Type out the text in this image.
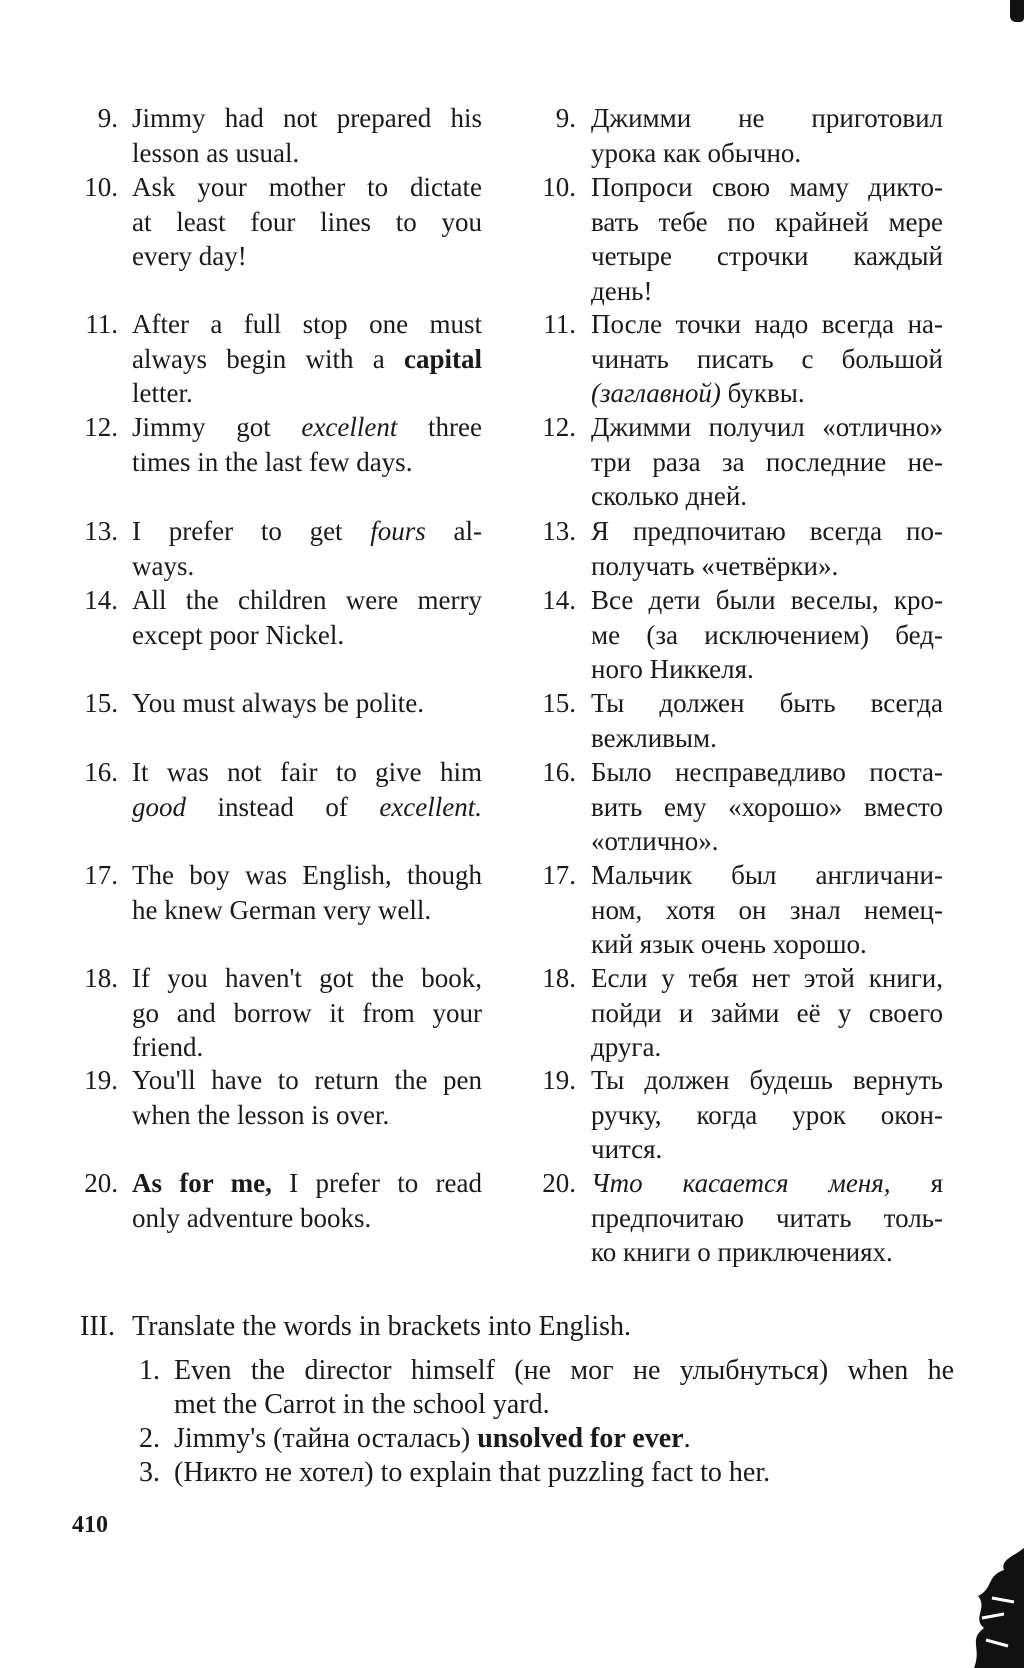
9. Jimmy had not prepared his
lesson as usual.
9. Джимми не приготовил
урока как обычно.
10. Ask your mother to dictate
at least four lines to you
every day!
10. Попроси свою маму дикто-
вать тебе по крайней мере
четыре строчки каждый
день!
11. After a full stop one must
always begin with a capital
letter.
11. После точки надо всегда на-
чинать писать с большой
(заглавной) буквы.
12. Jimmy got excellent three
times in the last few days.
12. Джимми получил «отлично»
три раза за последние не-
сколько дней.
13. I prefer to get fours al-
ways.
13. Я предпочитаю всегда по-
получать «четвёрки».
14. All the children were merry
except poor Nickel.
14. Все дети были веселы, кро-
ме (за исключением) бед-
ного Никкеля.
15. You must always be polite.	15. Ты должен быть всегда
вежливым.
16. It was not fair to give him
good instead of excellent.
16. Было несправедливо поста-
вить ему «хорошо» вместо
«отлично».
17. The boy was English, though
he knew German very well.
17. Мальчик был англичани-
ном, хотя он знал немец-
кий язык очень хорошо.
18. If you haven't got the book,
go and borrow it from your
friend.
18. Если у тебя нет этой книги,
пойди и займи её у своего
друга.
19. You'll have to return the pen
when the lesson is over.
19. Ты должен будешь вернуть
ручку, когда урок окон-
чится.
20. As for me, I prefer to read
only adventure books.
20. Что касается меня, я
предпочитаю читать толь-
ко книги о приключениях.
III. Translate the words in brackets into English.
1. Even the director himself (не мог не улыбнуться) when he
met the Carrot in the school yard.
2. Jimmy's (тайна осталась) unsolved for ever.
3. (Никто не хотел) to explain that puzzling fact to her.
410
